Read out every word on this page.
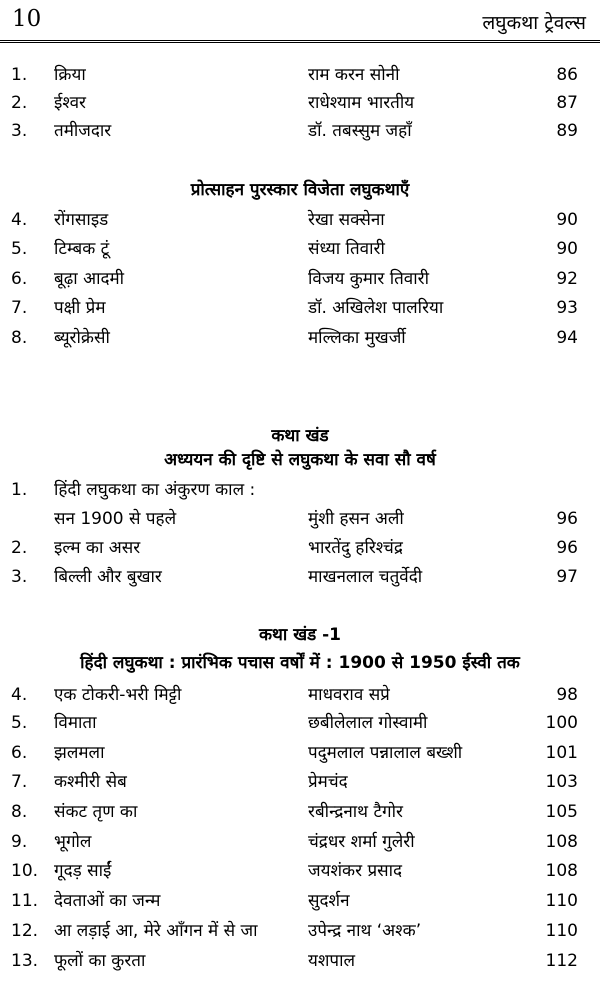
10	लघुकथा ट्रेवल्स
1. क्रिया	राम करन सोनी	86
2. ईश्वर	राधेश्याम भारतीय	87
3. तमीजदार	डॉ. तबस्सुम जहाँ	89
प्रोत्साहन पुरस्कार विजेता लघुकथाएँ
4. रोंगसाइड	रेखा सक्सेना	90
5. टिम्बक टूं	संध्या तिवारी	90
6. बूढ़ा आदमी	विजय कुमार तिवारी	92
7. पक्षी प्रेम	डॉ. अखिलेश पालरिया	93
8. ब्यूरोक्रेसी	मल्लिका मुखर्जी	94
कथा खंड
अध्ययन की दृष्टि से लघुकथा के सवा सौ वर्ष
1. हिंदी लघुकथा का अंकुरण काल :
सन 1900 से पहले	मुंशी हसन अली	96
2. इल्म का असर	भारतेंदु हरिश्चंद्र	96
3. बिल्ली और बुखार	माखनलाल चतुर्वेदी	97
कथा खंड -1
हिंदी लघुकथा : प्रारंभिक पचास वर्षों में : 1900 से 1950 ईस्वी तक
4. एक टोकरी-भरी मिट्टी	माधवराव सप्रे	98
5. विमाता	छबीलेलाल गोस्वामी	100
6. झलमला	पदुमलाल पन्नालाल बख्शी	101
7. कश्मीरी सेब	प्रेमचंद	103
8. संकट तृण का	रबीन्द्रनाथ टैगोर	105
9. भूगोल	चंद्रधर शर्मा गुलेरी	108
10. गूदड़ साईं	जयशंकर प्रसाद	108
11. देवताओं का जन्म	सुदर्शन	110
12. आ लड़ाई आ, मेरे आँगन में से जा	उपेन्द्र नाथ ‘अश्क’	110
13. फूलों का कुरता	यशपाल	112
